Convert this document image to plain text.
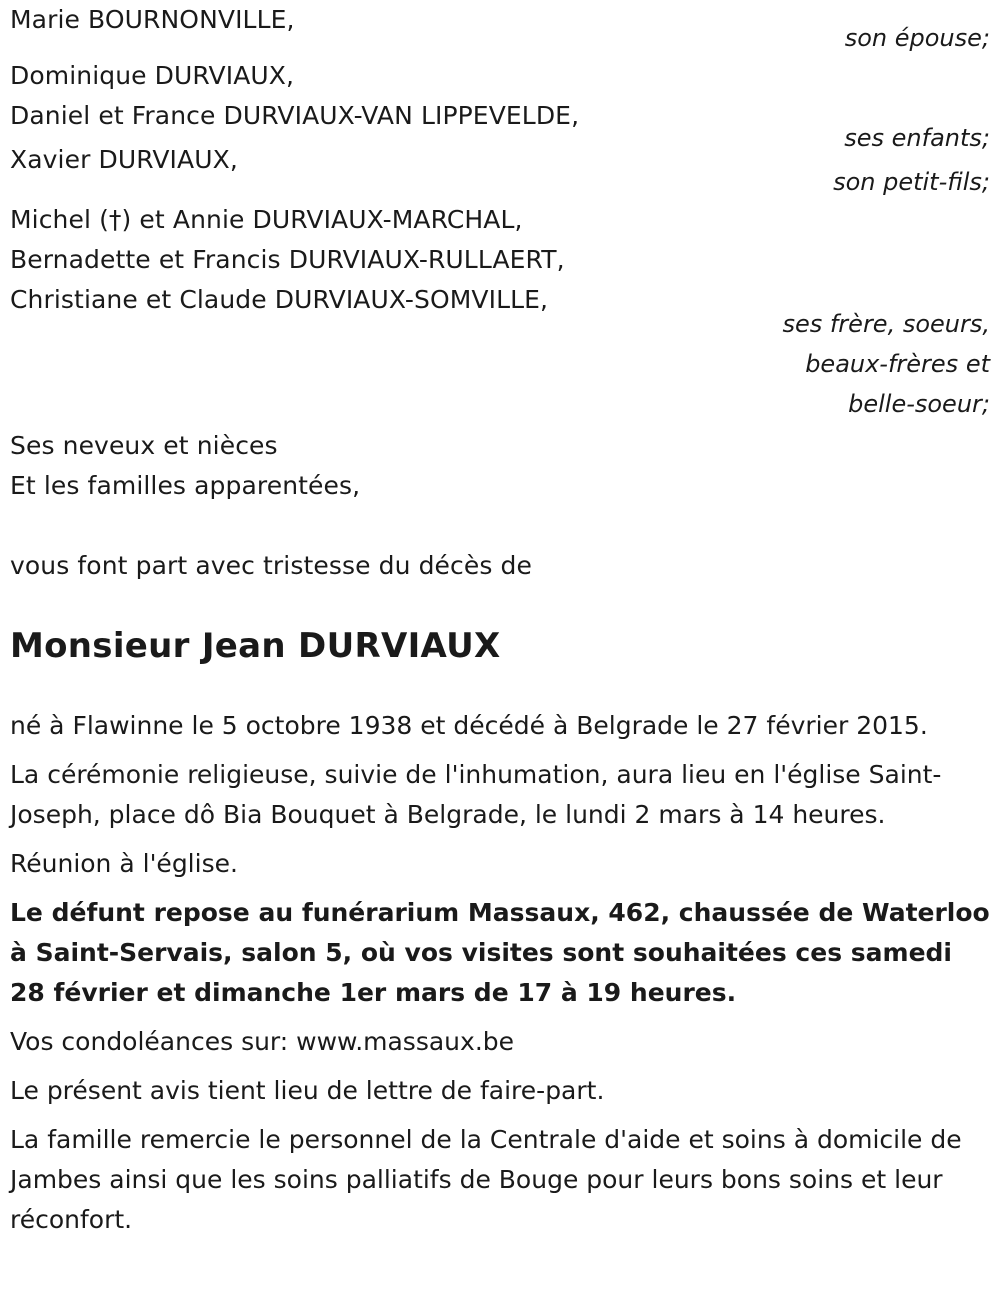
Marie BOURNONVILLE,
son épouse;
Dominique DURVIAUX,
Daniel et France DURVIAUX-VAN LIPPEVELDE,
ses enfants;
Xavier DURVIAUX,
son petit-fils;
Michel (†) et Annie DURVIAUX-MARCHAL,
Bernadette et Francis DURVIAUX-RULLAERT,
Christiane et Claude DURVIAUX-SOMVILLE,
ses frère, soeurs,
beaux-frères et
belle-soeur;
Ses neveux et nièces
Et les familles apparentées,
vous font part avec tristesse du décès de
Monsieur Jean DURVIAUX
né à Flawinne le 5 octobre 1938 et décédé à Belgrade le 27 février 2015.
La cérémonie religieuse, suivie de l'inhumation, aura lieu en l'église Saint-Joseph, place dô Bia Bouquet à Belgrade, le lundi 2 mars à 14 heures.
Réunion à l'église.
Le défunt repose au funérarium Massaux, 462, chaussée de Waterloo à Saint-Servais, salon 5, où vos visites sont souhaitées ces samedi 28 février et dimanche 1er mars de 17 à 19 heures.
Vos condoléances sur: www.massaux.be
Le présent avis tient lieu de lettre de faire-part.
La famille remercie le personnel de la Centrale d'aide et soins à domicile de Jambes ainsi que les soins palliatifs de Bouge pour leurs bons soins et leur réconfort.
